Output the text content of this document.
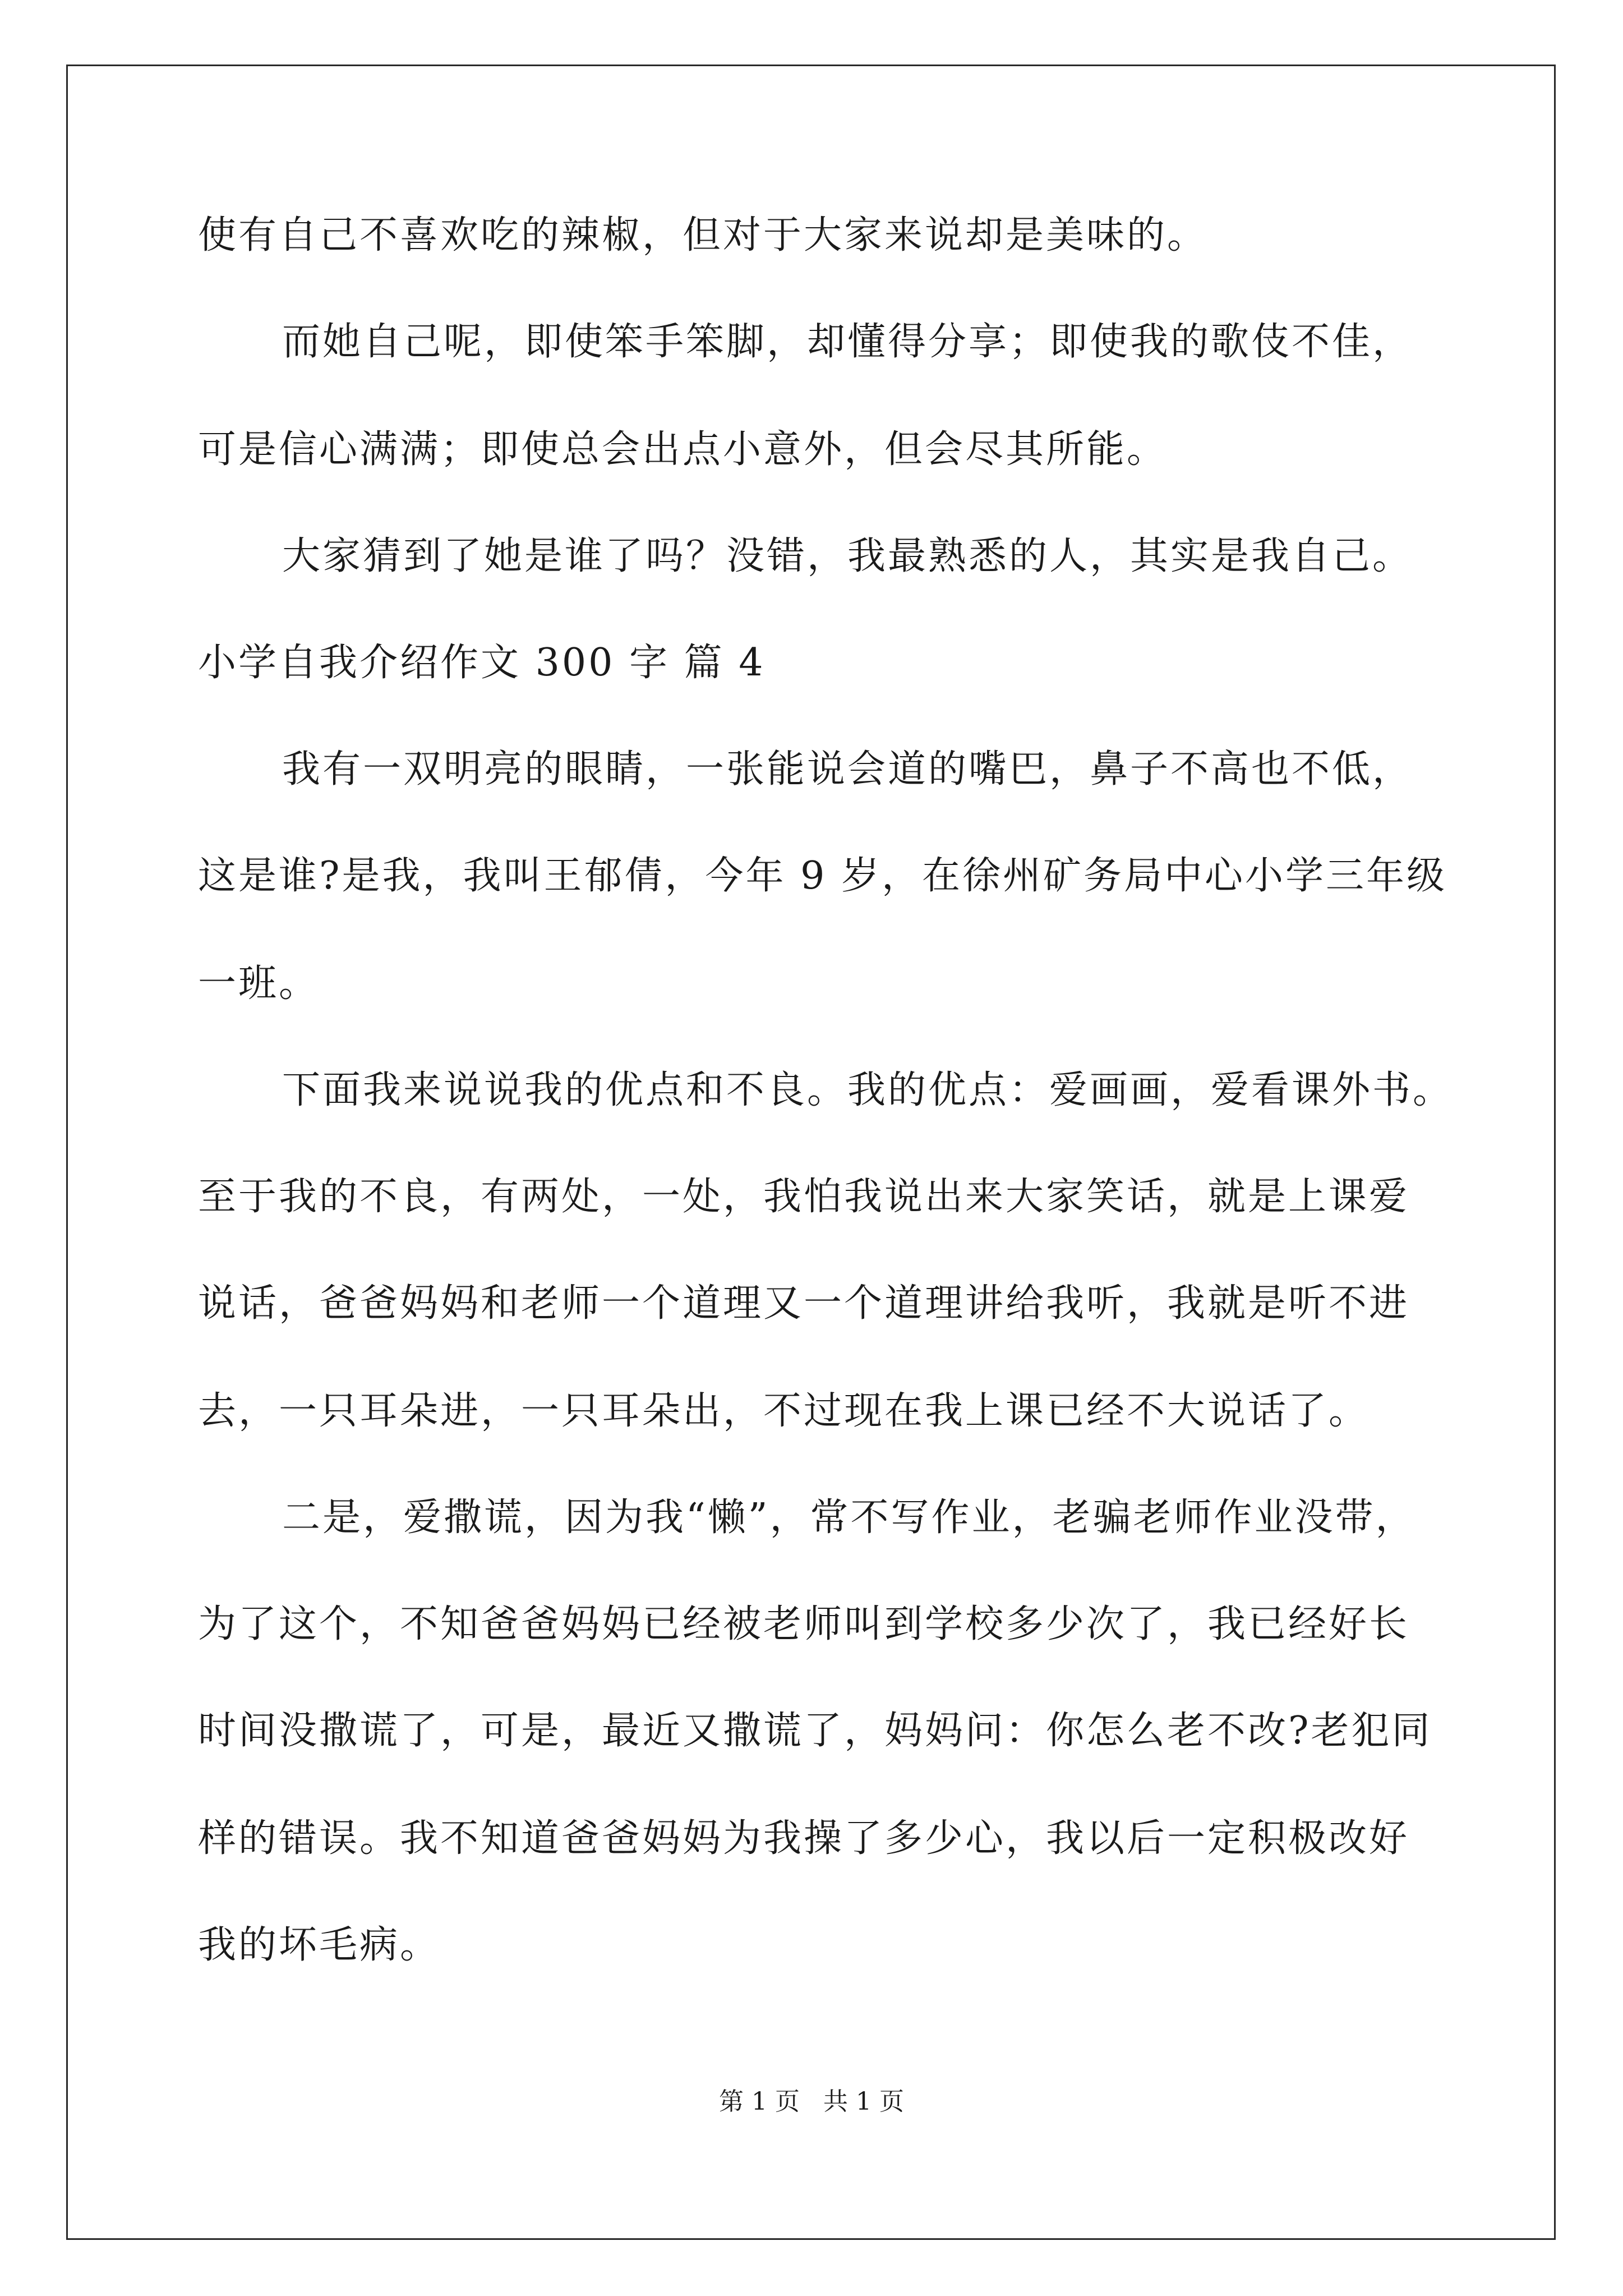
使有自己不喜欢吃的辣椒，但对于大家来说却是美味的。
而她自己呢，即使笨手笨脚，却懂得分享；即使我的歌伎不佳，
可是信心满满；即使总会出点小意外，但会尽其所能。
大家猜到了她是谁了吗？没错，我最熟悉的人，其实是我自己。
小学自我介绍作文 300 字 篇 4
我有一双明亮的眼睛，一张能说会道的嘴巴，鼻子不高也不低，
这是谁?是我，我叫王郁倩，今年 9 岁，在徐州矿务局中心小学三年级
一班。
下面我来说说我的优点和不良。我的优点：爱画画，爱看课外书。
至于我的不良，有两处，一处，我怕我说出来大家笑话，就是上课爱
说话，爸爸妈妈和老师一个道理又一个道理讲给我听，我就是听不进
去，一只耳朵进，一只耳朵出，不过现在我上课已经不大说话了。
二是，爱撒谎，因为我“懒”，常不写作业，老骗老师作业没带，
为了这个，不知爸爸妈妈已经被老师叫到学校多少次了，我已经好长
时间没撒谎了，可是，最近又撒谎了，妈妈问：你怎么老不改?老犯同
样的错误。我不知道爸爸妈妈为我操了多少心，我以后一定积极改好
我的坏毛病。
第 1 页   共 1 页
